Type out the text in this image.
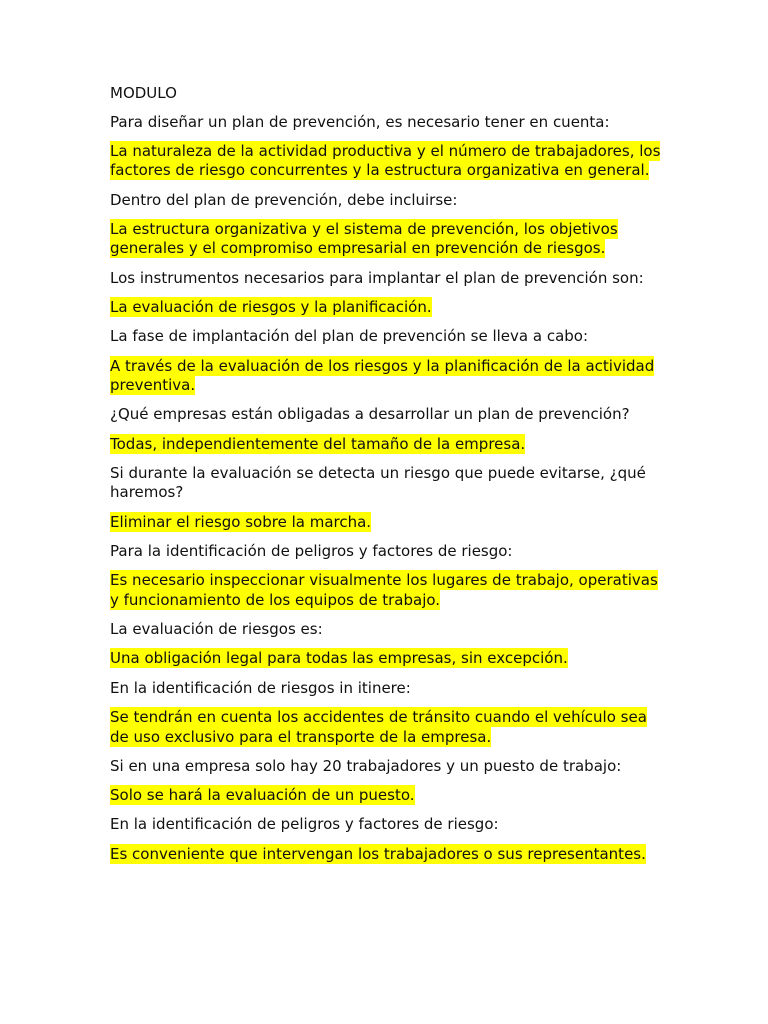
MODULO

Para diseñar un plan de prevención, es necesario tener en cuenta:

La naturaleza de la actividad productiva y el número de trabajadores, los factores de riesgo concurrentes y la estructura organizativa en general.

Dentro del plan de prevención, debe incluirse:

La estructura organizativa y el sistema de prevención, los objetivos generales y el compromiso empresarial en prevención de riesgos.

Los instrumentos necesarios para implantar el plan de prevención son:

La evaluación de riesgos y la planificación.

La fase de implantación del plan de prevención se lleva a cabo:

A través de la evaluación de los riesgos y la planificación de la actividad preventiva.

¿Qué empresas están obligadas a desarrollar un plan de prevención?

Todas, independientemente del tamaño de la empresa.

Si durante la evaluación se detecta un riesgo que puede evitarse, ¿qué haremos?

Eliminar el riesgo sobre la marcha.

Para la identificación de peligros y factores de riesgo:

Es necesario inspeccionar visualmente los lugares de trabajo, operativas y funcionamiento de los equipos de trabajo.

La evaluación de riesgos es:

Una obligación legal para todas las empresas, sin excepción.

En la identificación de riesgos in itinere:

Se tendrán en cuenta los accidentes de tránsito cuando el vehículo sea de uso exclusivo para el transporte de la empresa.

Si en una empresa solo hay 20 trabajadores y un puesto de trabajo:

Solo se hará la evaluación de un puesto.

En la identificación de peligros y factores de riesgo:

Es conveniente que intervengan los trabajadores o sus representantes.
